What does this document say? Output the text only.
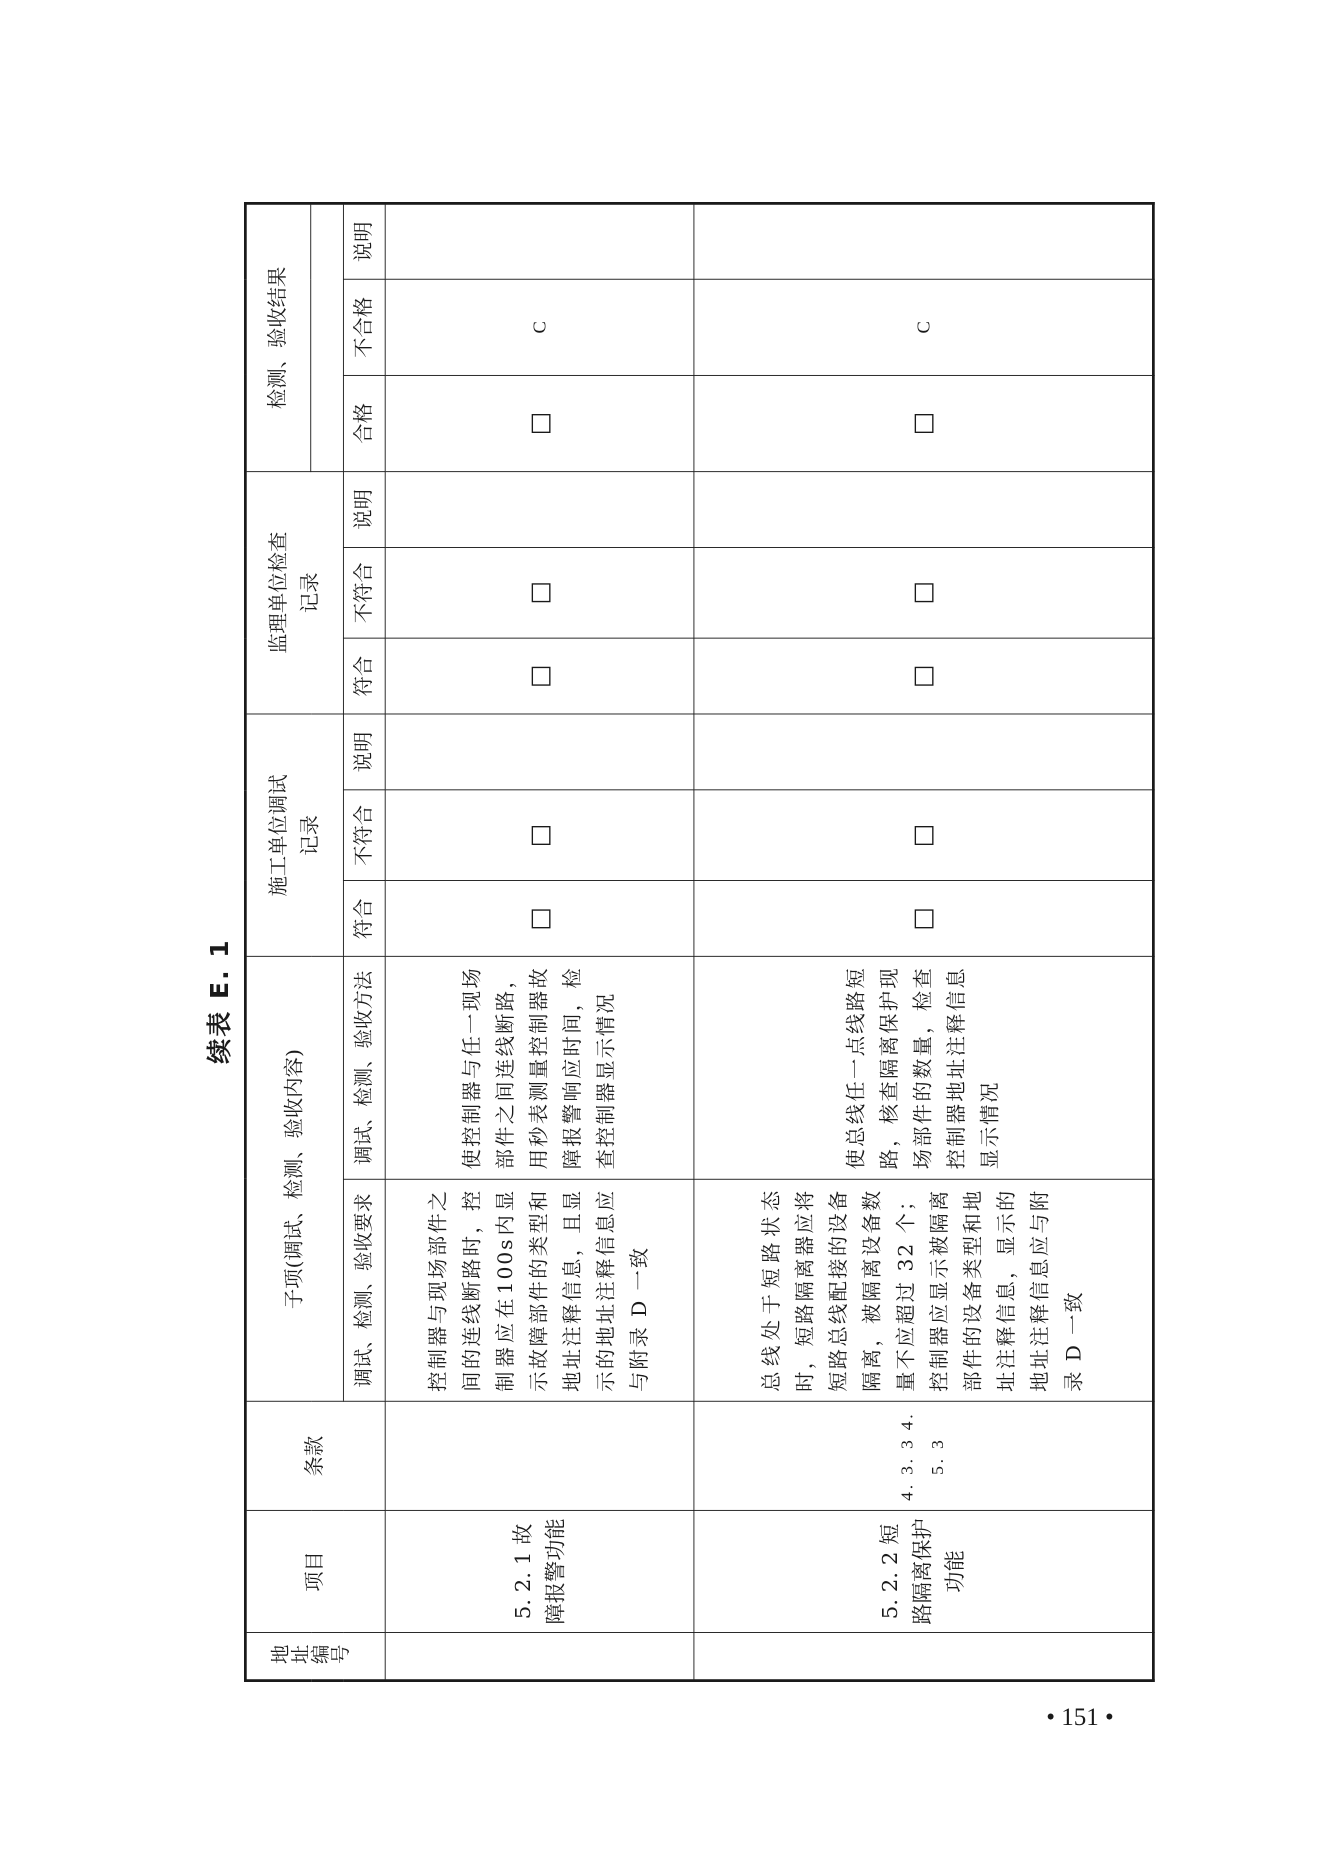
续表 E. 1
地址编号	项目	条款	子项(调试、检测、验收内容)		施工单位调试记录			监理单位检查记录			检测、验收结果		

			调试、检测、验收要求	调试、检测、验收方法	符合	不符合	说明	符合	不符合	说明	合格	不合格	说明
	5. 2. 1 故障报警功能		控制器与现场部件之间的连线断路时，控制器应在100s内显示故障部件的类型和地址注释信息，且显示的地址注释信息应与附录 D 一致	使控制器与任一现场部件之间连线断路，用秒表测量控制器故障报警响应时间，检查控制器显示情况	□	□		□	□		□	C	
	5. 2. 2 短路隔离保护功能	4. 3. 3 4. 5. 3	总线处于短路状态时，短路隔离器应将短路总线配接的设备隔离，被隔离设备数量不应超过 32 个；控制器应显示被隔离部件的设备类型和地址注释信息，显示的地址注释信息应与附录 D 一致	使总线任一点线路短路，核查隔离保护现场部件的数量，检查控制器地址注释信息显示情况	□	□		□	□		□	C	
• 151 •
